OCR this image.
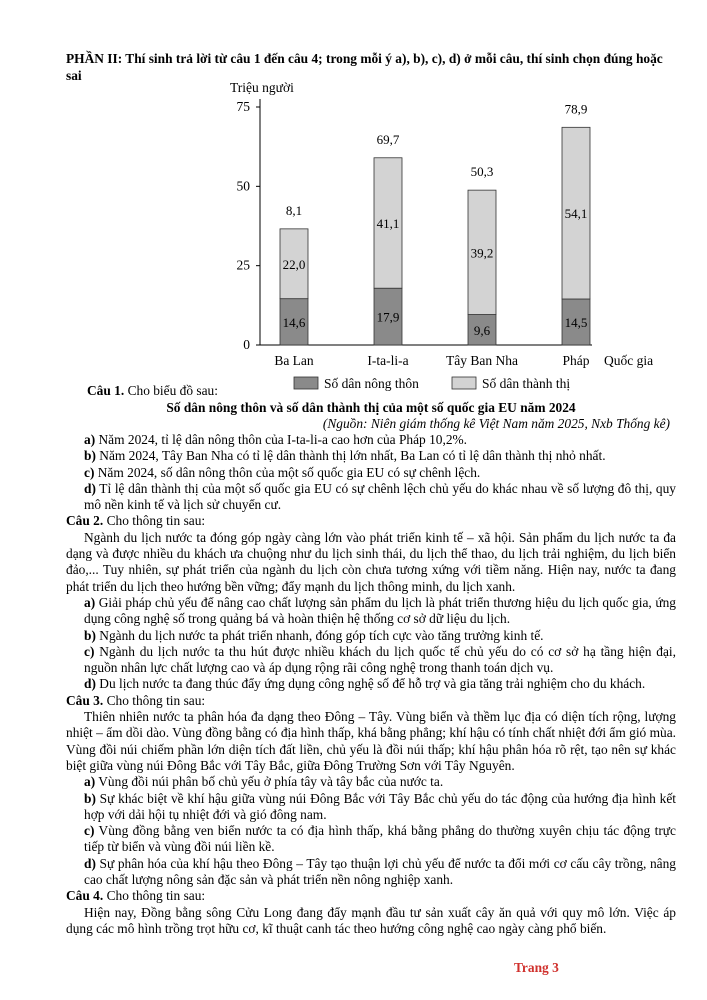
PHẦN II: Thí sinh trả lời từ câu 1 đến câu 4; trong mỗi ý a), b), c), d) ở mỗi câu, thí sinh chọn đúng hoặc sai
Triệu người
0
25
50
75
14,6
22,0
8,1
Ba Lan
17,9
41,1
69,7
I-ta-li-a
9,6
39,2
50,3
Tây Ban Nha
14,5
54,1
78,9
Pháp Quốc gia
Số dân nông thôn	Số dân thành thị
Câu 1. Cho biểu đồ sau:
Số dân nông thôn và số dân thành thị của một số quốc gia EU năm 2024
(Nguồn: Niên giám thống kê Việt Nam năm 2025, Nxb Thống kê)

a) Năm 2024, tỉ lệ dân nông thôn của I-ta-li-a cao hơn của Pháp 10,2%.

b) Năm 2024, Tây Ban Nha có tỉ lệ dân thành thị lớn nhất, Ba Lan có tỉ lệ dân thành thị nhỏ nhất.

c) Năm 2024, số dân nông thôn của một số quốc gia EU có sự chênh lệch.

d) Tỉ lệ dân thành thị của một số quốc gia EU có sự chênh lệch chủ yếu do khác nhau về số lượng đô thị, quy mô nền kinh tế và lịch sử chuyển cư.

Câu 2. Cho thông tin sau:

Ngành du lịch nước ta đóng góp ngày càng lớn vào phát triển kinh tế – xã hội. Sản phẩm du lịch nước ta đa dạng và được nhiều du khách ưa chuộng như du lịch sinh thái, du lịch thể thao, du lịch trải nghiệm, du lịch biển đảo,... Tuy nhiên, sự phát triển của ngành du lịch còn chưa tương xứng với tiềm năng. Hiện nay, nước ta đang phát triển du lịch theo hướng bền vững; đẩy mạnh du lịch thông minh, du lịch xanh.

a) Giải pháp chủ yếu để nâng cao chất lượng sản phẩm du lịch là phát triển thương hiệu du lịch quốc gia, ứng dụng công nghệ số trong quảng bá và hoàn thiện hệ thống cơ sở dữ liệu du lịch.

b) Ngành du lịch nước ta phát triển nhanh, đóng góp tích cực vào tăng trưởng kinh tế.

c) Ngành du lịch nước ta thu hút được nhiều khách du lịch quốc tế chủ yếu do có cơ sở hạ tầng hiện đại, nguồn nhân lực chất lượng cao và áp dụng rộng rãi công nghệ trong thanh toán dịch vụ.

d) Du lịch nước ta đang thúc đẩy ứng dụng công nghệ số để hỗ trợ và gia tăng trải nghiệm cho du khách.

Câu 3. Cho thông tin sau:

Thiên nhiên nước ta phân hóa đa dạng theo Đông – Tây. Vùng biển và thềm lục địa có diện tích rộng, lượng nhiệt – ẩm dồi dào. Vùng đồng bằng có địa hình thấp, khá bằng phẳng; khí hậu có tính chất nhiệt đới ẩm gió mùa. Vùng đồi núi chiếm phần lớn diện tích đất liền, chủ yếu là đồi núi thấp; khí hậu phân hóa rõ rệt, tạo nên sự khác biệt giữa vùng núi Đông Bắc với Tây Bắc, giữa Đông Trường Sơn với Tây Nguyên.

a) Vùng đồi núi phân bố chủ yếu ở phía tây và tây bắc của nước ta.

b) Sự khác biệt về khí hậu giữa vùng núi Đông Bắc với Tây Bắc chủ yếu do tác động của hướng địa hình kết hợp với dải hội tụ nhiệt đới và gió đông nam.

c) Vùng đồng bằng ven biển nước ta có địa hình thấp, khá bằng phẳng do thường xuyên chịu tác động trực tiếp từ biển và vùng đồi núi liền kề.

d) Sự phân hóa của khí hậu theo Đông – Tây tạo thuận lợi chủ yếu để nước ta đổi mới cơ cấu cây trồng, nâng cao chất lượng nông sản đặc sản và phát triển nền nông nghiệp xanh.

Câu 4. Cho thông tin sau:

Hiện nay, Đồng bằng sông Cửu Long đang đẩy mạnh đầu tư sản xuất cây ăn quả với quy mô lớn. Việc áp dụng các mô hình trồng trọt hữu cơ, kĩ thuật canh tác theo hướng công nghệ cao ngày càng phổ biến.

Trang 3
